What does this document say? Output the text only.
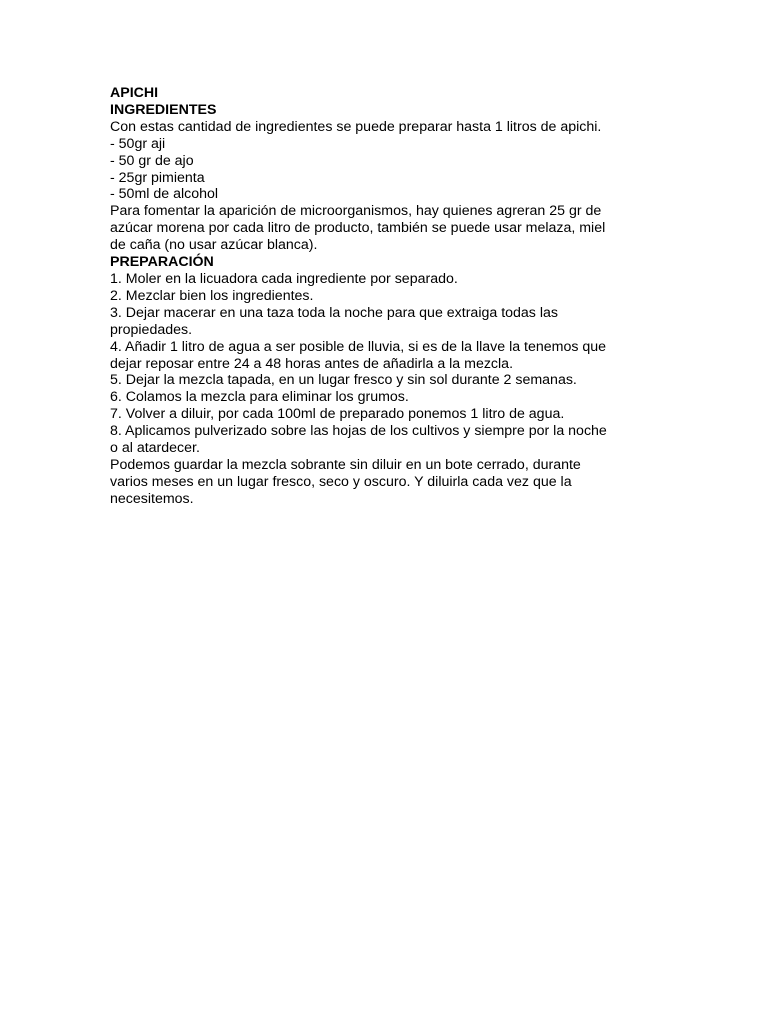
APICHI
INGREDIENTES
Con estas cantidad de ingredientes se puede preparar hasta 1 litros de apichi.
- 50gr aji
- 50 gr de ajo
- 25gr pimienta
- 50ml de alcohol
Para fomentar la aparición de microorganismos, hay quienes agreran 25 gr de
azúcar morena por cada litro de producto, también se puede usar melaza, miel
de caña (no usar azúcar blanca).
PREPARACIÓN
1. Moler en la licuadora cada ingrediente por separado.
2. Mezclar bien los ingredientes.
3. Dejar macerar en una taza toda la noche para que extraiga todas las
propiedades.
4. Añadir 1 litro de agua a ser posible de lluvia, si es de la llave la tenemos que
dejar reposar entre 24 a 48 horas antes de añadirla a la mezcla.
5. Dejar la mezcla tapada, en un lugar fresco y sin sol durante 2 semanas.
6. Colamos la mezcla para eliminar los grumos.
7. Volver a diluir, por cada 100ml de preparado ponemos 1 litro de agua.
8. Aplicamos pulverizado sobre las hojas de los cultivos y siempre por la noche
o al atardecer.
Podemos guardar la mezcla sobrante sin diluir en un bote cerrado, durante
varios meses en un lugar fresco, seco y oscuro. Y diluirla cada vez que la
necesitemos.
